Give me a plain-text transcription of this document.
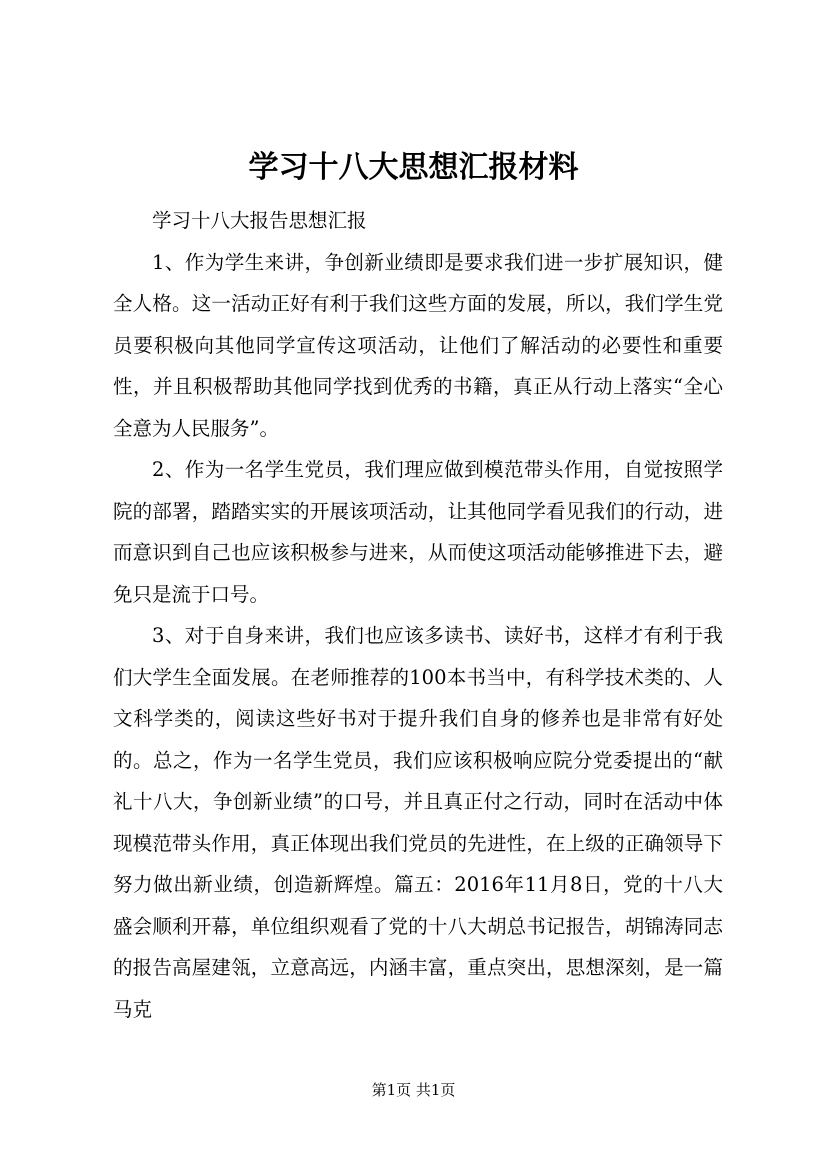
学习十八大思想汇报材料

学习十八大报告思想汇报

1、作为学生来讲，争创新业绩即是要求我们进一步扩展知识，健全人格。这一活动正好有利于我们这些方面的发展，所以，我们学生党员要积极向其他同学宣传这项活动，让他们了解活动的必要性和重要性，并且积极帮助其他同学找到优秀的书籍，真正从行动上落实“全心全意为人民服务”。

2、作为一名学生党员，我们理应做到模范带头作用，自觉按照学院的部署，踏踏实实的开展该项活动，让其他同学看见我们的行动，进而意识到自己也应该积极参与进来，从而使这项活动能够推进下去，避免只是流于口号。

3、对于自身来讲，我们也应该多读书、读好书，这样才有利于我们大学生全面发展。在老师推荐的100本书当中，有科学技术类的、人文科学类的，阅读这些好书对于提升我们自身的修养也是非常有好处的。总之，作为一名学生党员，我们应该积极响应院分党委提出的“献礼十八大，争创新业绩”的口号，并且真正付之行动，同时在活动中体现模范带头作用，真正体现出我们党员的先进性，在上级的正确领导下努力做出新业绩，创造新辉煌。篇五：2016年11月8日，党的十八大盛会顺利开幕，单位组织观看了党的十八大胡总书记报告，胡锦涛同志的报告高屋建瓴，立意高远，内涵丰富，重点突出，思想深刻，是一篇马克

第1页 共1页
